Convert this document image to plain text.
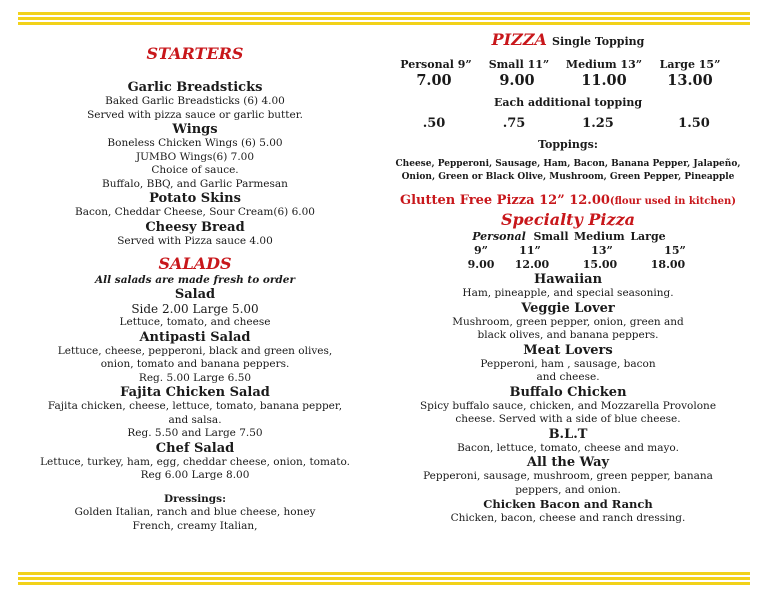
STARTERS
Garlic Breadsticks
Baked Garlic Breadsticks (6) 4.00
Served with pizza sauce or garlic butter.
Wings
Boneless Chicken Wings (6) 5.00
JUMBO Wings(6) 7.00
Choice of sauce.
Buffalo, BBQ, and Garlic Parmesan
Potato Skins
Bacon, Cheddar Cheese, Sour Cream(6) 6.00
Cheesy Bread
Served with Pizza sauce 4.00
SALADS
All salads are made fresh to order
Salad
Side 2.00 Large 5.00
Lettuce, tomato, and cheese
Antipasti Salad
Lettuce, cheese, pepperoni, black and green olives,
onion, tomato and banana peppers.
Reg. 5.00 Large 6.50
Fajita Chicken Salad
Fajita chicken, cheese, lettuce, tomato, banana pepper, and salsa.
Reg. 5.50 and Large 7.50
Chef Salad
Lettuce, turkey, ham, egg, cheddar cheese, onion, tomato.
Reg 6.00 Large 8.00
Dressings:
Golden Italian, ranch and blue cheese, honey
French, creamy Italian,
PIZZA Single Topping
Personal 9”	Small 11”	Medium 13”	Large 15”
7.00	9.00	11.00	13.00
Each additional topping
.50	.75	1.25	1.50
Toppings:
Cheese, Pepperoni, Sausage, Ham, Bacon, Banana Pepper, Jalapeño,
Onion, Green or Black Olive, Mushroom, Green Pepper, Pineapple
Glutten Free Pizza 12” 12.00(flour used in kitchen)
Specialty Pizza
Personal Small Medium Large
9”	11”	13”	15”
9.00	12.00	15.00	18.00
Hawaiian
Ham, pineapple, and special seasoning.
Veggie Lover
Mushroom, green pepper, onion, green and
black olives, and banana peppers.
Meat Lovers
Pepperoni, ham , sausage, bacon
and cheese.
Buffalo Chicken
Spicy buffalo sauce, chicken, and Mozzarella Provolone
cheese. Served with a side of blue cheese.
B.L.T
Bacon, lettuce, tomato, cheese and mayo.
All the Way
Pepperoni, sausage, mushroom, green pepper, banana
peppers, and onion.
Chicken Bacon and Ranch
Chicken, bacon, cheese and ranch dressing.
